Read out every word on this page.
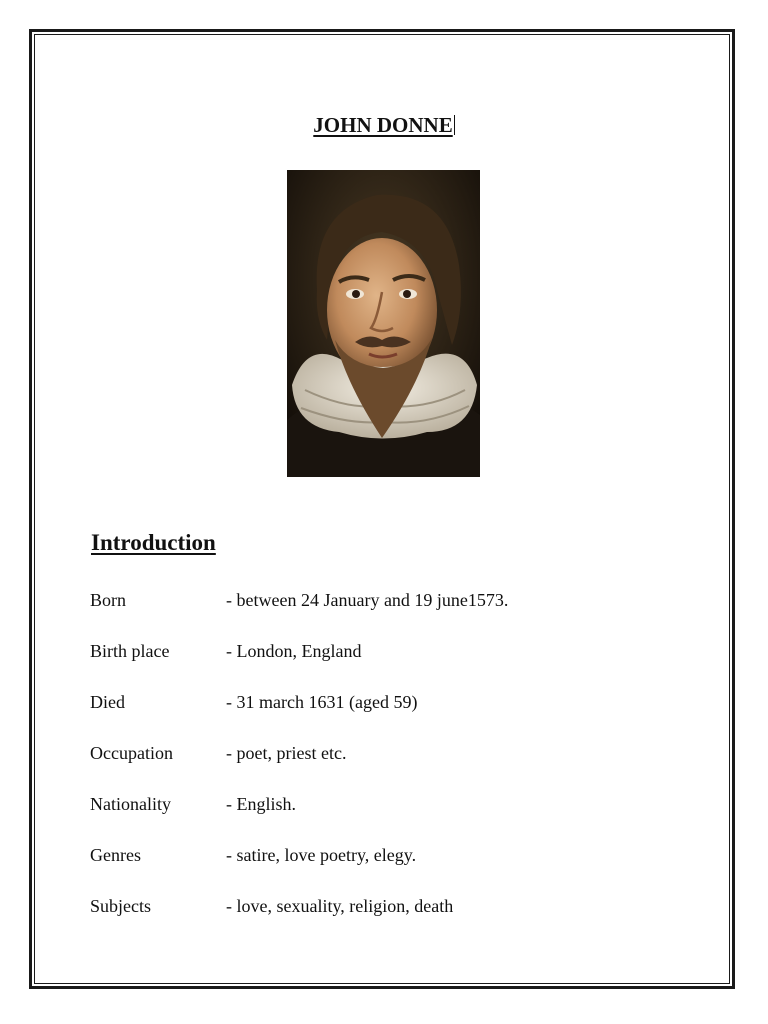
JOHN DONNE
Introduction
Born	- between 24 January and 19 june1573.
Birth place	- London, England
Died	- 31 march 1631 (aged 59)
Occupation	- poet, priest etc.
Nationality	- English.
Genres	- satire, love poetry, elegy.
Subjects	- love, sexuality, religion, death
